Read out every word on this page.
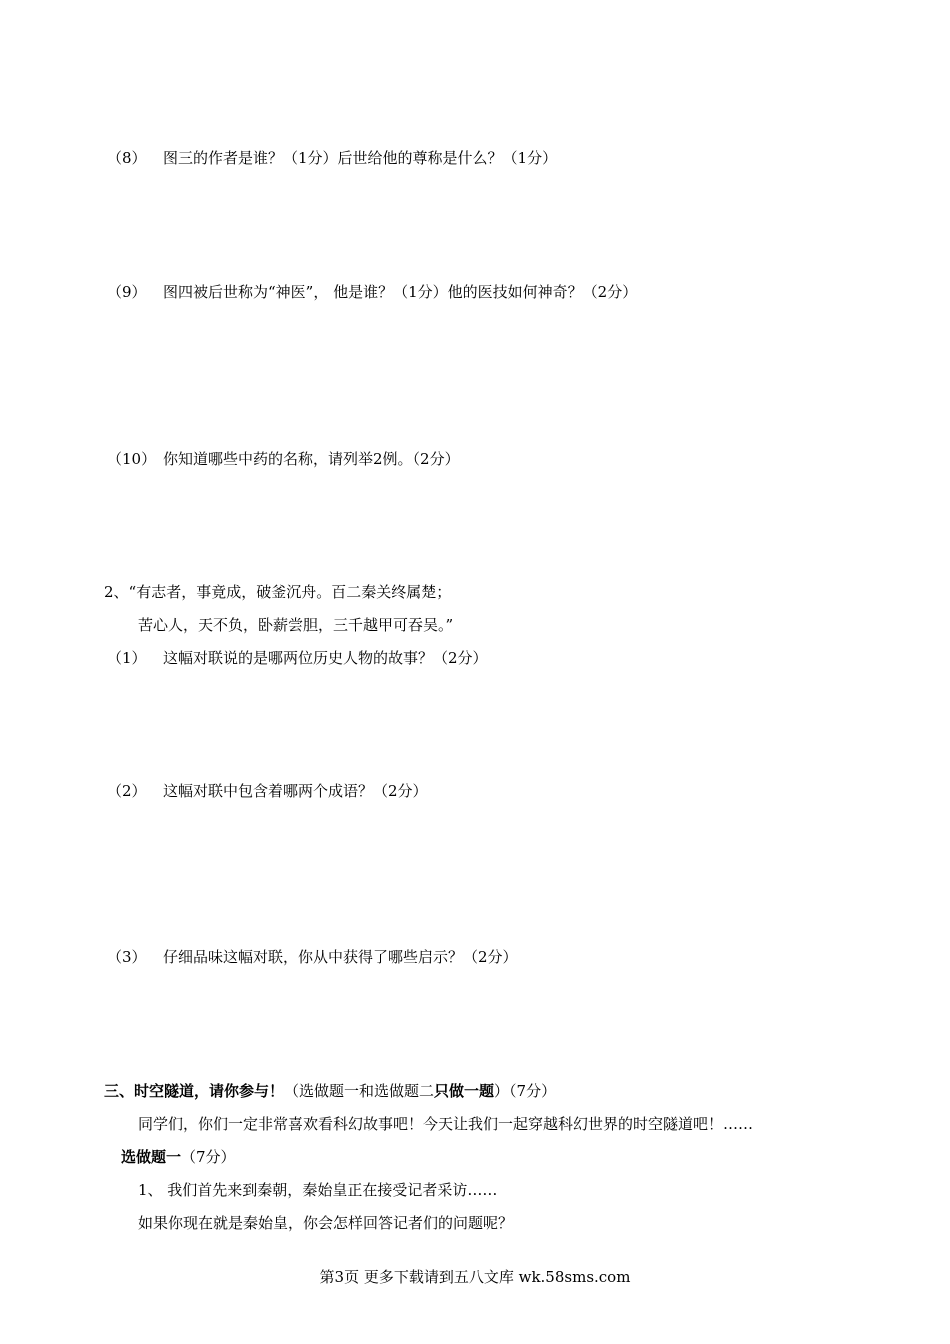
（8）	图三的作者是谁？（1分）后世给他的尊称是什么？（1分）
（9）	图四被后世称为“神医”， 他是谁？（1分）他的医技如何神奇？（2分）
（10） 你知道哪些中药的名称，请列举2例。（2分）
2、“有志者，事竟成，破釜沉舟。百二秦关终属楚；
苦心人，天不负，卧薪尝胆，三千越甲可吞吴。”
（1）	这幅对联说的是哪两位历史人物的故事？（2分）
（2）	这幅对联中包含着哪两个成语？（2分）
（3）	仔细品味这幅对联，你从中获得了哪些启示？（2分）
三、时空隧道，请你参与！（选做题一和选做题二只做一题）（7分）
同学们，你们一定非常喜欢看科幻故事吧！今天让我们一起穿越科幻世界的时空隧道吧！……
选做题一（7分）
1、 我们首先来到秦朝，秦始皇正在接受记者采访……
如果你现在就是秦始皇，你会怎样回答记者们的问题呢？
第3页 更多下载请到五八文库 wk.58sms.com
